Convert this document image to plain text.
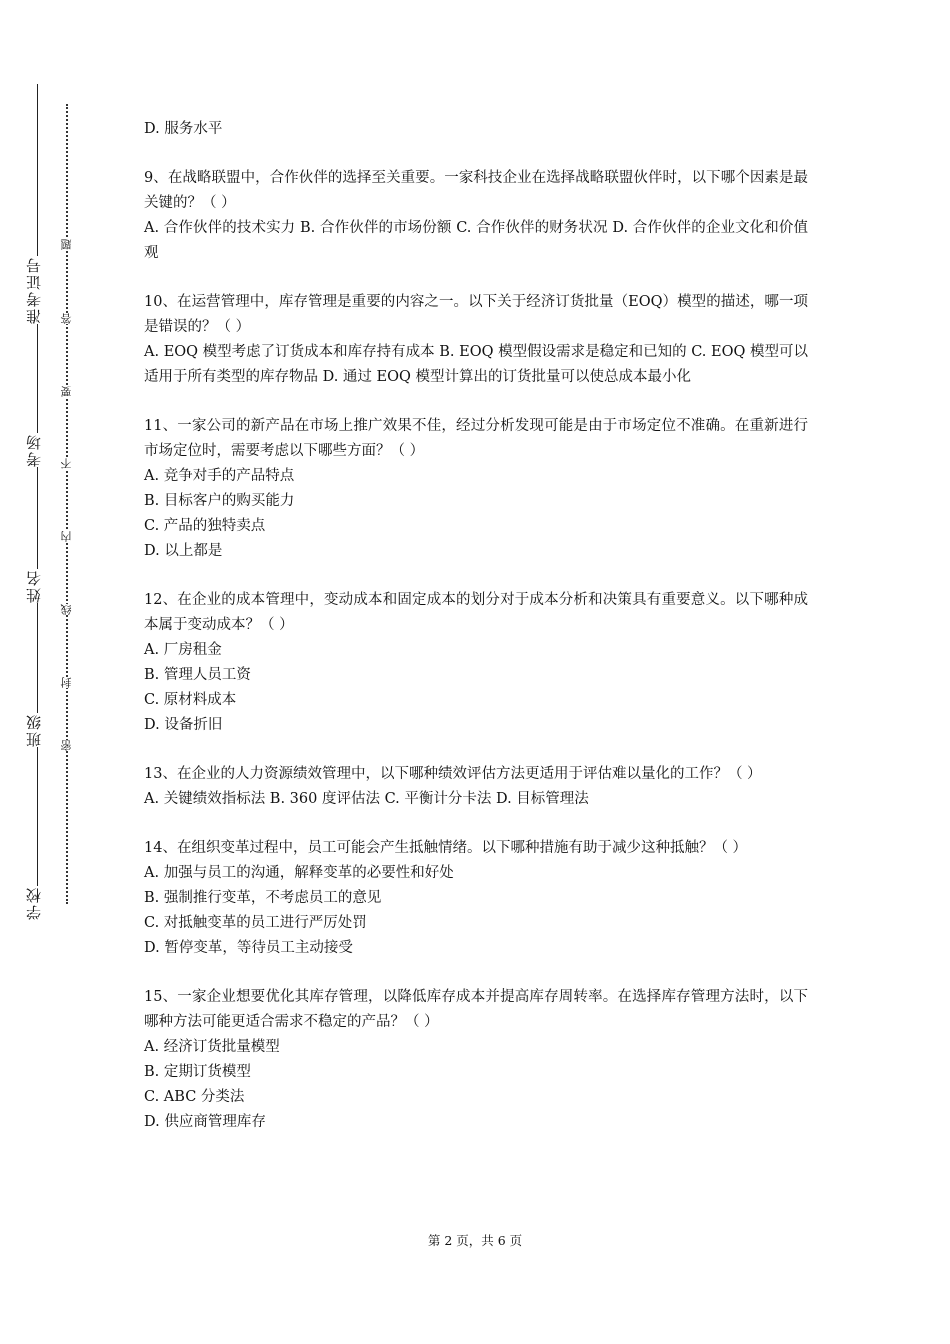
准考证号
考场
姓名
班级
学校
题
答
要
不
内
线
封
密

D. 服务水平

9、在战略联盟中，合作伙伴的选择至关重要。一家科技企业在选择战略联盟伙伴时，以下哪个因素是最关键的？（ ）

A. 合作伙伴的技术实力 B. 合作伙伴的市场份额 C. 合作伙伴的财务状况 D. 合作伙伴的企业文化和价值观

10、在运营管理中，库存管理是重要的内容之一。以下关于经济订货批量（EOQ）模型的描述，哪一项是错误的？（ ）

A. EOQ 模型考虑了订货成本和库存持有成本 B. EOQ 模型假设需求是稳定和已知的 C. EOQ 模型可以适用于所有类型的库存物品 D. 通过 EOQ 模型计算出的订货批量可以使总成本最小化

11、一家公司的新产品在市场上推广效果不佳，经过分析发现可能是由于市场定位不准确。在重新进行市场定位时，需要考虑以下哪些方面？（ ）

A. 竞争对手的产品特点

B. 目标客户的购买能力

C. 产品的独特卖点

D. 以上都是

12、在企业的成本管理中，变动成本和固定成本的划分对于成本分析和决策具有重要意义。以下哪种成本属于变动成本？（ ）

A. 厂房租金

B. 管理人员工资

C. 原材料成本

D. 设备折旧

13、在企业的人力资源绩效管理中，以下哪种绩效评估方法更适用于评估难以量化的工作？（ ）

A. 关键绩效指标法 B. 360 度评估法 C. 平衡计分卡法 D. 目标管理法

14、在组织变革过程中，员工可能会产生抵触情绪。以下哪种措施有助于减少这种抵触？（ ）

A. 加强与员工的沟通，解释变革的必要性和好处

B. 强制推行变革，不考虑员工的意见

C. 对抵触变革的员工进行严厉处罚

D. 暂停变革，等待员工主动接受

15、一家企业想要优化其库存管理，以降低库存成本并提高库存周转率。在选择库存管理方法时，以下哪种方法可能更适合需求不稳定的产品？（ ）

A. 经济订货批量模型

B. 定期订货模型

C. ABC 分类法

D. 供应商管理库存

第 2 页，共 6 页
